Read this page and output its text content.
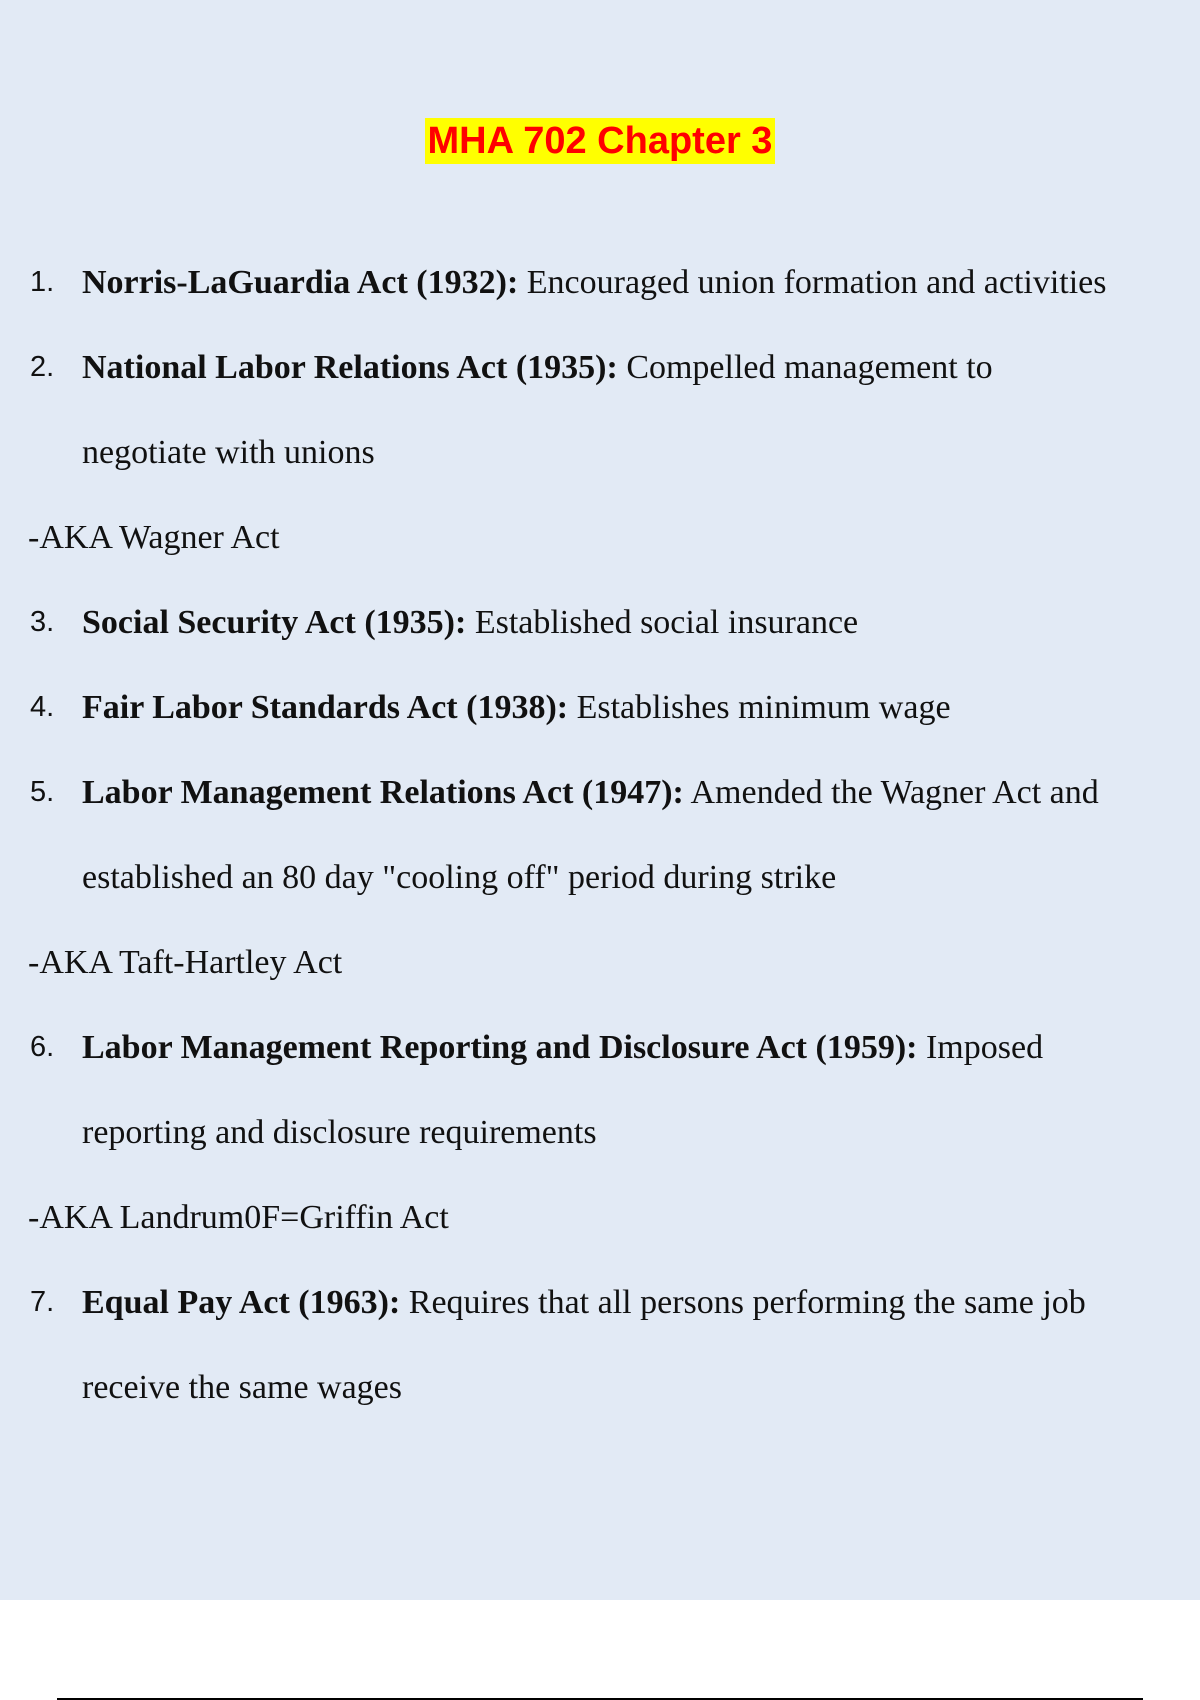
MHA 702 Chapter 3
1. Norris-LaGuardia Act (1932): Encouraged union formation and activities
2. National Labor Relations Act (1935): Compelled management to
negotiate with unions
-AKA Wagner Act
3. Social Security Act (1935): Established social insurance
4. Fair Labor Standards Act (1938): Establishes minimum wage
5. Labor Management Relations Act (1947): Amended the Wagner Act and
established an 80 day "cooling off" period during strike
-AKA Taft-Hartley Act
6. Labor Management Reporting and Disclosure Act (1959): Imposed
reporting and disclosure requirements
-AKA Landrum0F=Griffin Act
7. Equal Pay Act (1963): Requires that all persons performing the same job
receive the same wages
